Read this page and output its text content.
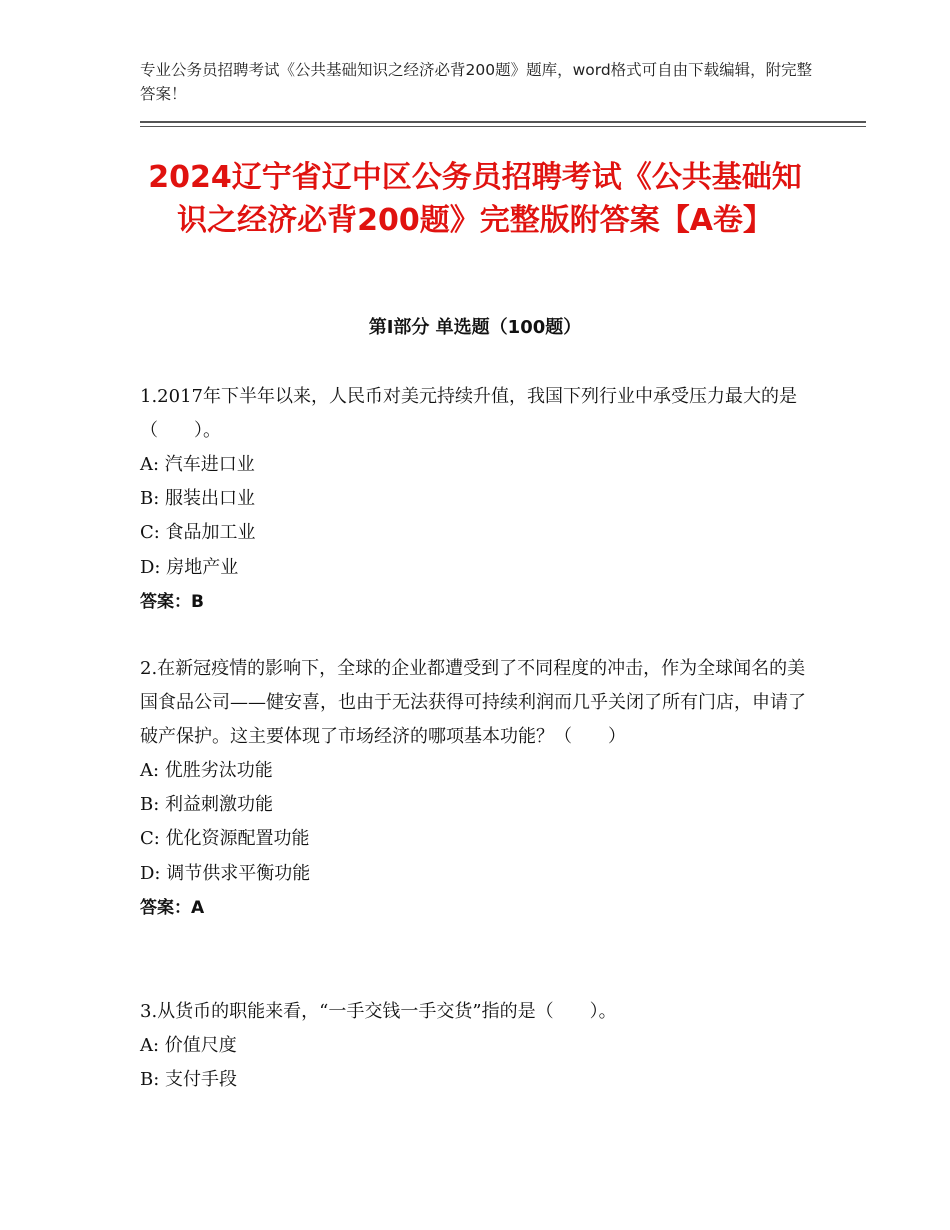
专业公务员招聘考试《公共基础知识之经济必背200题》题库，word格式可自由下载编辑，附完整答案！
2024辽宁省辽中区公务员招聘考试《公共基础知识之经济必背200题》完整版附答案【A卷】
第I部分 单选题（100题）

1.2017年下半年以来，人民币对美元持续升值，我国下列行业中承受压力最大的是（　　）。

A: 汽车进口业
B: 服装出口业
C: 食品加工业
D: 房地产业

答案：B

2.在新冠疫情的影响下，全球的企业都遭受到了不同程度的冲击，作为全球闻名的美国食品公司——健安喜，也由于无法获得可持续利润而几乎关闭了所有门店，申请了破产保护。这主要体现了市场经济的哪项基本功能？（　　）

A: 优胜劣汰功能
B: 利益刺激功能
C: 优化资源配置功能
D: 调节供求平衡功能

答案：A

3.从货币的职能来看，“一手交钱一手交货”指的是（　　）。

A: 价值尺度
B: 支付手段
